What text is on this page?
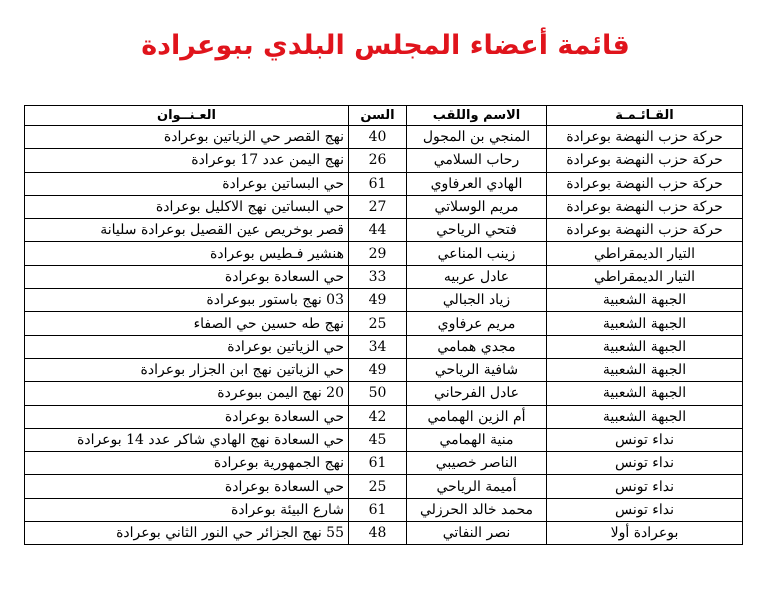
قائمة أعضاء المجلس البلدي ببوعرادة
القـائـمـة	الاسم واللقب	السن	العـنــوان
حركة حزب النهضة بوعرادة	المنجي بن المجول	40	نهج القصر حي الزياتين بوعرادة
حركة حزب النهضة بوعرادة	رحاب السلامي	26	نهج اليمن عدد 17 بوعرادة
حركة حزب النهضة بوعرادة	الهادي العرفاوي	61	حي البساتين بوعرادة
حركة حزب النهضة بوعرادة	مريم الوسلاتي	27	حي البساتين نهج الاكليل بوعرادة
حركة حزب النهضة بوعرادة	فتحي الرياحي	44	قصر بوخريص عين القصيل بوعرادة سليانة
التيار الديمقراطي	زينب المناعي	29	هنشير فـطيس بوعرادة
التيار الديمقراطي	عادل عربيه	33	حي السعادة بوعرادة
الجبهة الشعبية	زياد الجبالي	49	03 نهج باستور ببوعرادة
الجبهة الشعبية	مريم عرفاوي	25	نهج طه حسين حي الصفاء
الجبهة الشعبية	مجدي همامي	34	حي الزياتين بوعرادة
الجبهة الشعبية	شافية الرياحي	49	حي الزياتين نهج ابن الجزار بوعرادة
الجبهة الشعبية	عادل الفرحاني	50	20 نهج اليمن ببوعردة
الجبهة الشعبية	أم الزين الهمامي	42	حي السعادة بوعرادة
نداء تونس	منية الهمامي	45	حي السعادة نهج الهادي شاكر عدد 14 بوعرادة
نداء تونس	الناصر خصيبي	61	نهج الجمهورية بوعرادة
نداء تونس	أميمة الرياحي	25	حي السعادة بوعرادة
نداء تونس	محمد خالد الحرزلي	61	شارع البيئة بوعرادة
بوعرادة أولا	نصر النفاتي	48	55 نهج الجزائر حي النور الثاني بوعرادة
